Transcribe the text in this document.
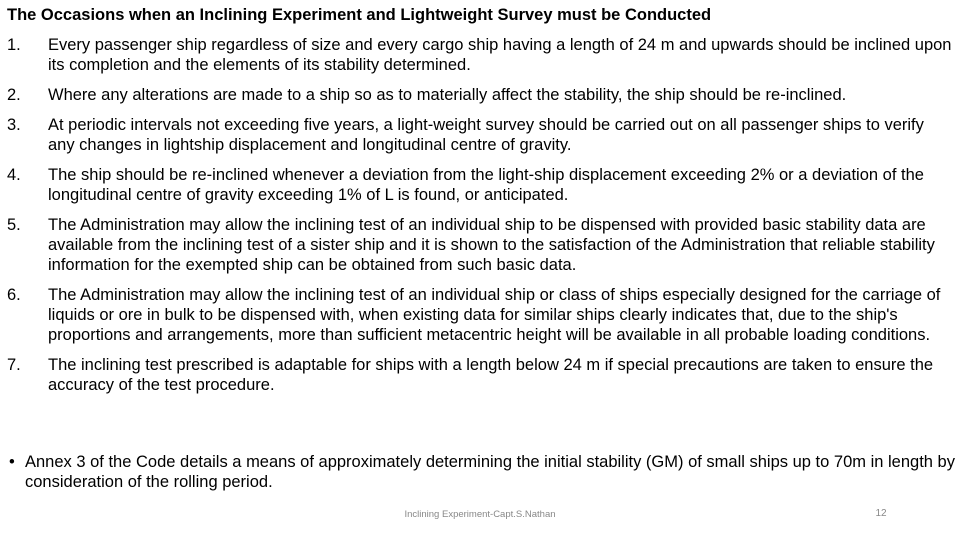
The Occasions when an Inclining Experiment and Lightweight Survey must be Conducted
1. Every passenger ship regardless of size and every cargo ship having a length of 24 m and upwards should be inclined upon its completion and the elements of its stability determined.
2. Where any alterations are made to a ship so as to materially affect the stability, the ship should be re-inclined.
3. At periodic intervals not exceeding five years, a light-weight survey should be carried out on all passenger ships to verify any changes in lightship displacement and longitudinal centre of gravity.
4. The ship should be re-inclined whenever a deviation from the light-ship displacement exceeding 2% or a deviation of the longitudinal centre of gravity exceeding 1% of L is found, or anticipated.
5. The Administration may allow the inclining test of an individual ship to be dispensed with provided basic stability data are available from the inclining test of a sister ship and it is shown to the satisfaction of the Administration that reliable stability information for the exempted ship can be obtained from such basic data.
6. The Administration may allow the inclining test of an individual ship or class of ships especially designed for the carriage of liquids or ore in bulk to be dispensed with, when existing data for similar ships clearly indicates that, due to the ship's proportions and arrangements, more than sufficient metacentric height will be available in all probable loading conditions.
7. The inclining test prescribed is adaptable for ships with a length below 24 m if special precautions are taken to ensure the accuracy of the test procedure.
• Annex 3 of the Code details a means of approximately determining the initial stability (GM) of small ships up to 70m in length by consideration of the rolling period.
Inclining Experiment-Capt.S.Nathan	12
